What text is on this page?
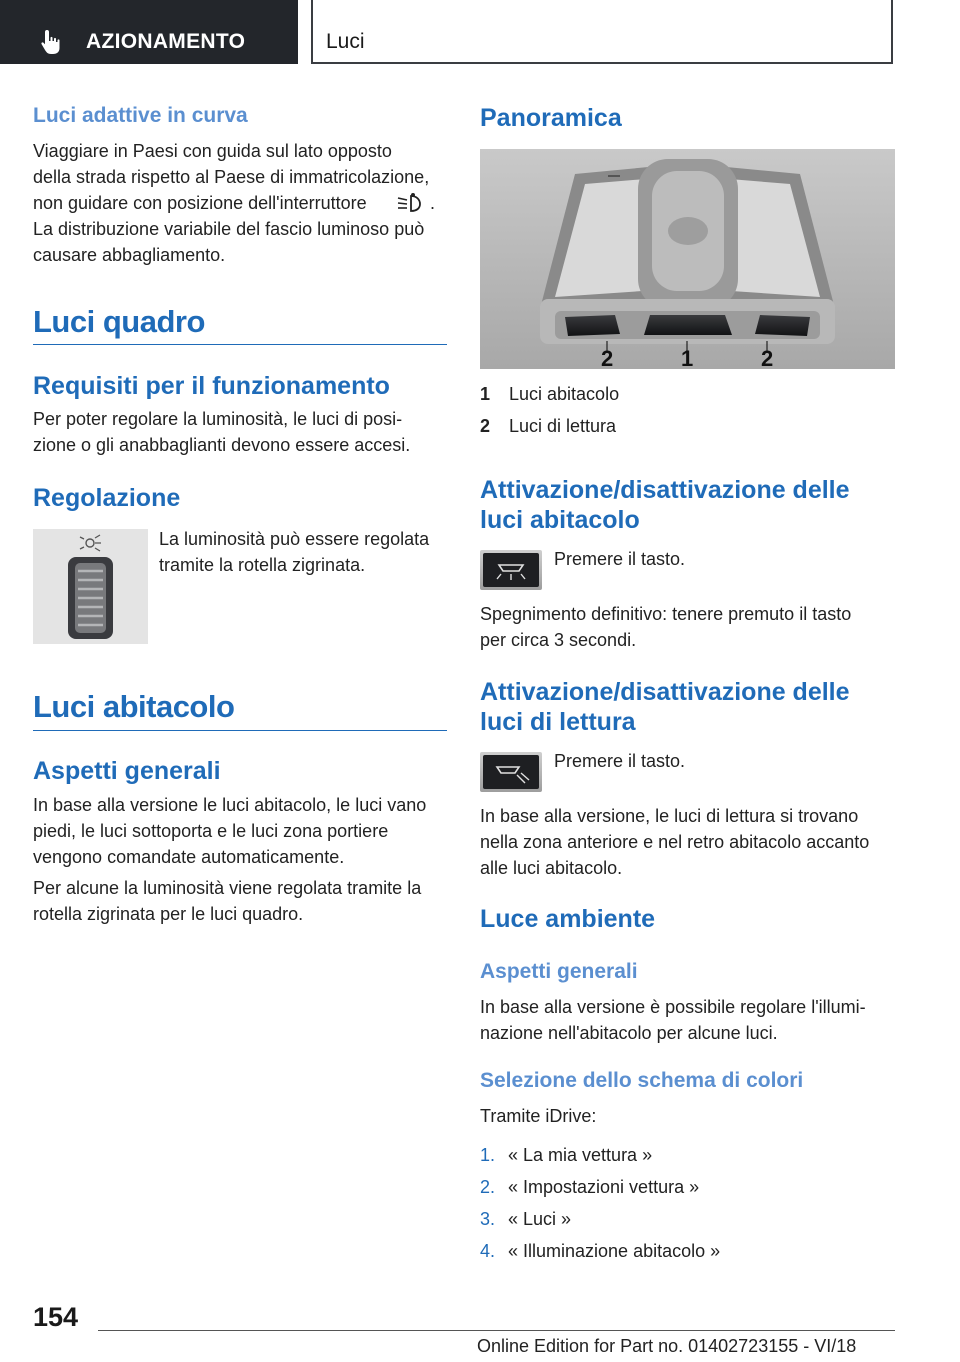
AZIONAMENTO	Luci
Luci adattive in curva
Viaggiare in Paesi con guida sul lato opposto
della strada rispetto al Paese di immatricolazione,
non guidare con posizione dell'interruttore	.
La distribuzione variabile del fascio luminoso può
causare abbagliamento.
Luci quadro
Requisiti per il funzionamento
Per poter regolare la luminosità, le luci di posi‐
zione o gli anabbaglianti devono essere accesi.
Regolazione
La luminosità può essere regolata
tramite la rotella zigrinata.
Luci abitacolo
Aspetti generali
In base alla versione le luci abitacolo, le luci vano
piedi, le luci sottoporta e le luci zona portiere
vengono comandate automaticamente.
Per alcune la luminosità viene regolata tramite la
rotella zigrinata per le luci quadro.
Panoramica
2	1	2
1 Luci abitacolo
2 Luci di lettura
Attivazione/disattivazione delle
luci abitacolo
Premere il tasto.
Spegnimento definitivo: tenere premuto il tasto
per circa 3 secondi.
Attivazione/disattivazione delle
luci di lettura
Premere il tasto.
In base alla versione, le luci di lettura si trovano
nella zona anteriore e nel retro abitacolo accanto
alle luci abitacolo.
Luce ambiente
Aspetti generali
In base alla versione è possibile regolare l'illumi‐
nazione nell'abitacolo per alcune luci.
Selezione dello schema di colori
Tramite iDrive:
1. « La mia vettura »
2. « Impostazioni vettura »
3. « Luci »
4. « Illuminazione abitacolo »
154
Online Edition for Part no. 01402723155 - VI/18
